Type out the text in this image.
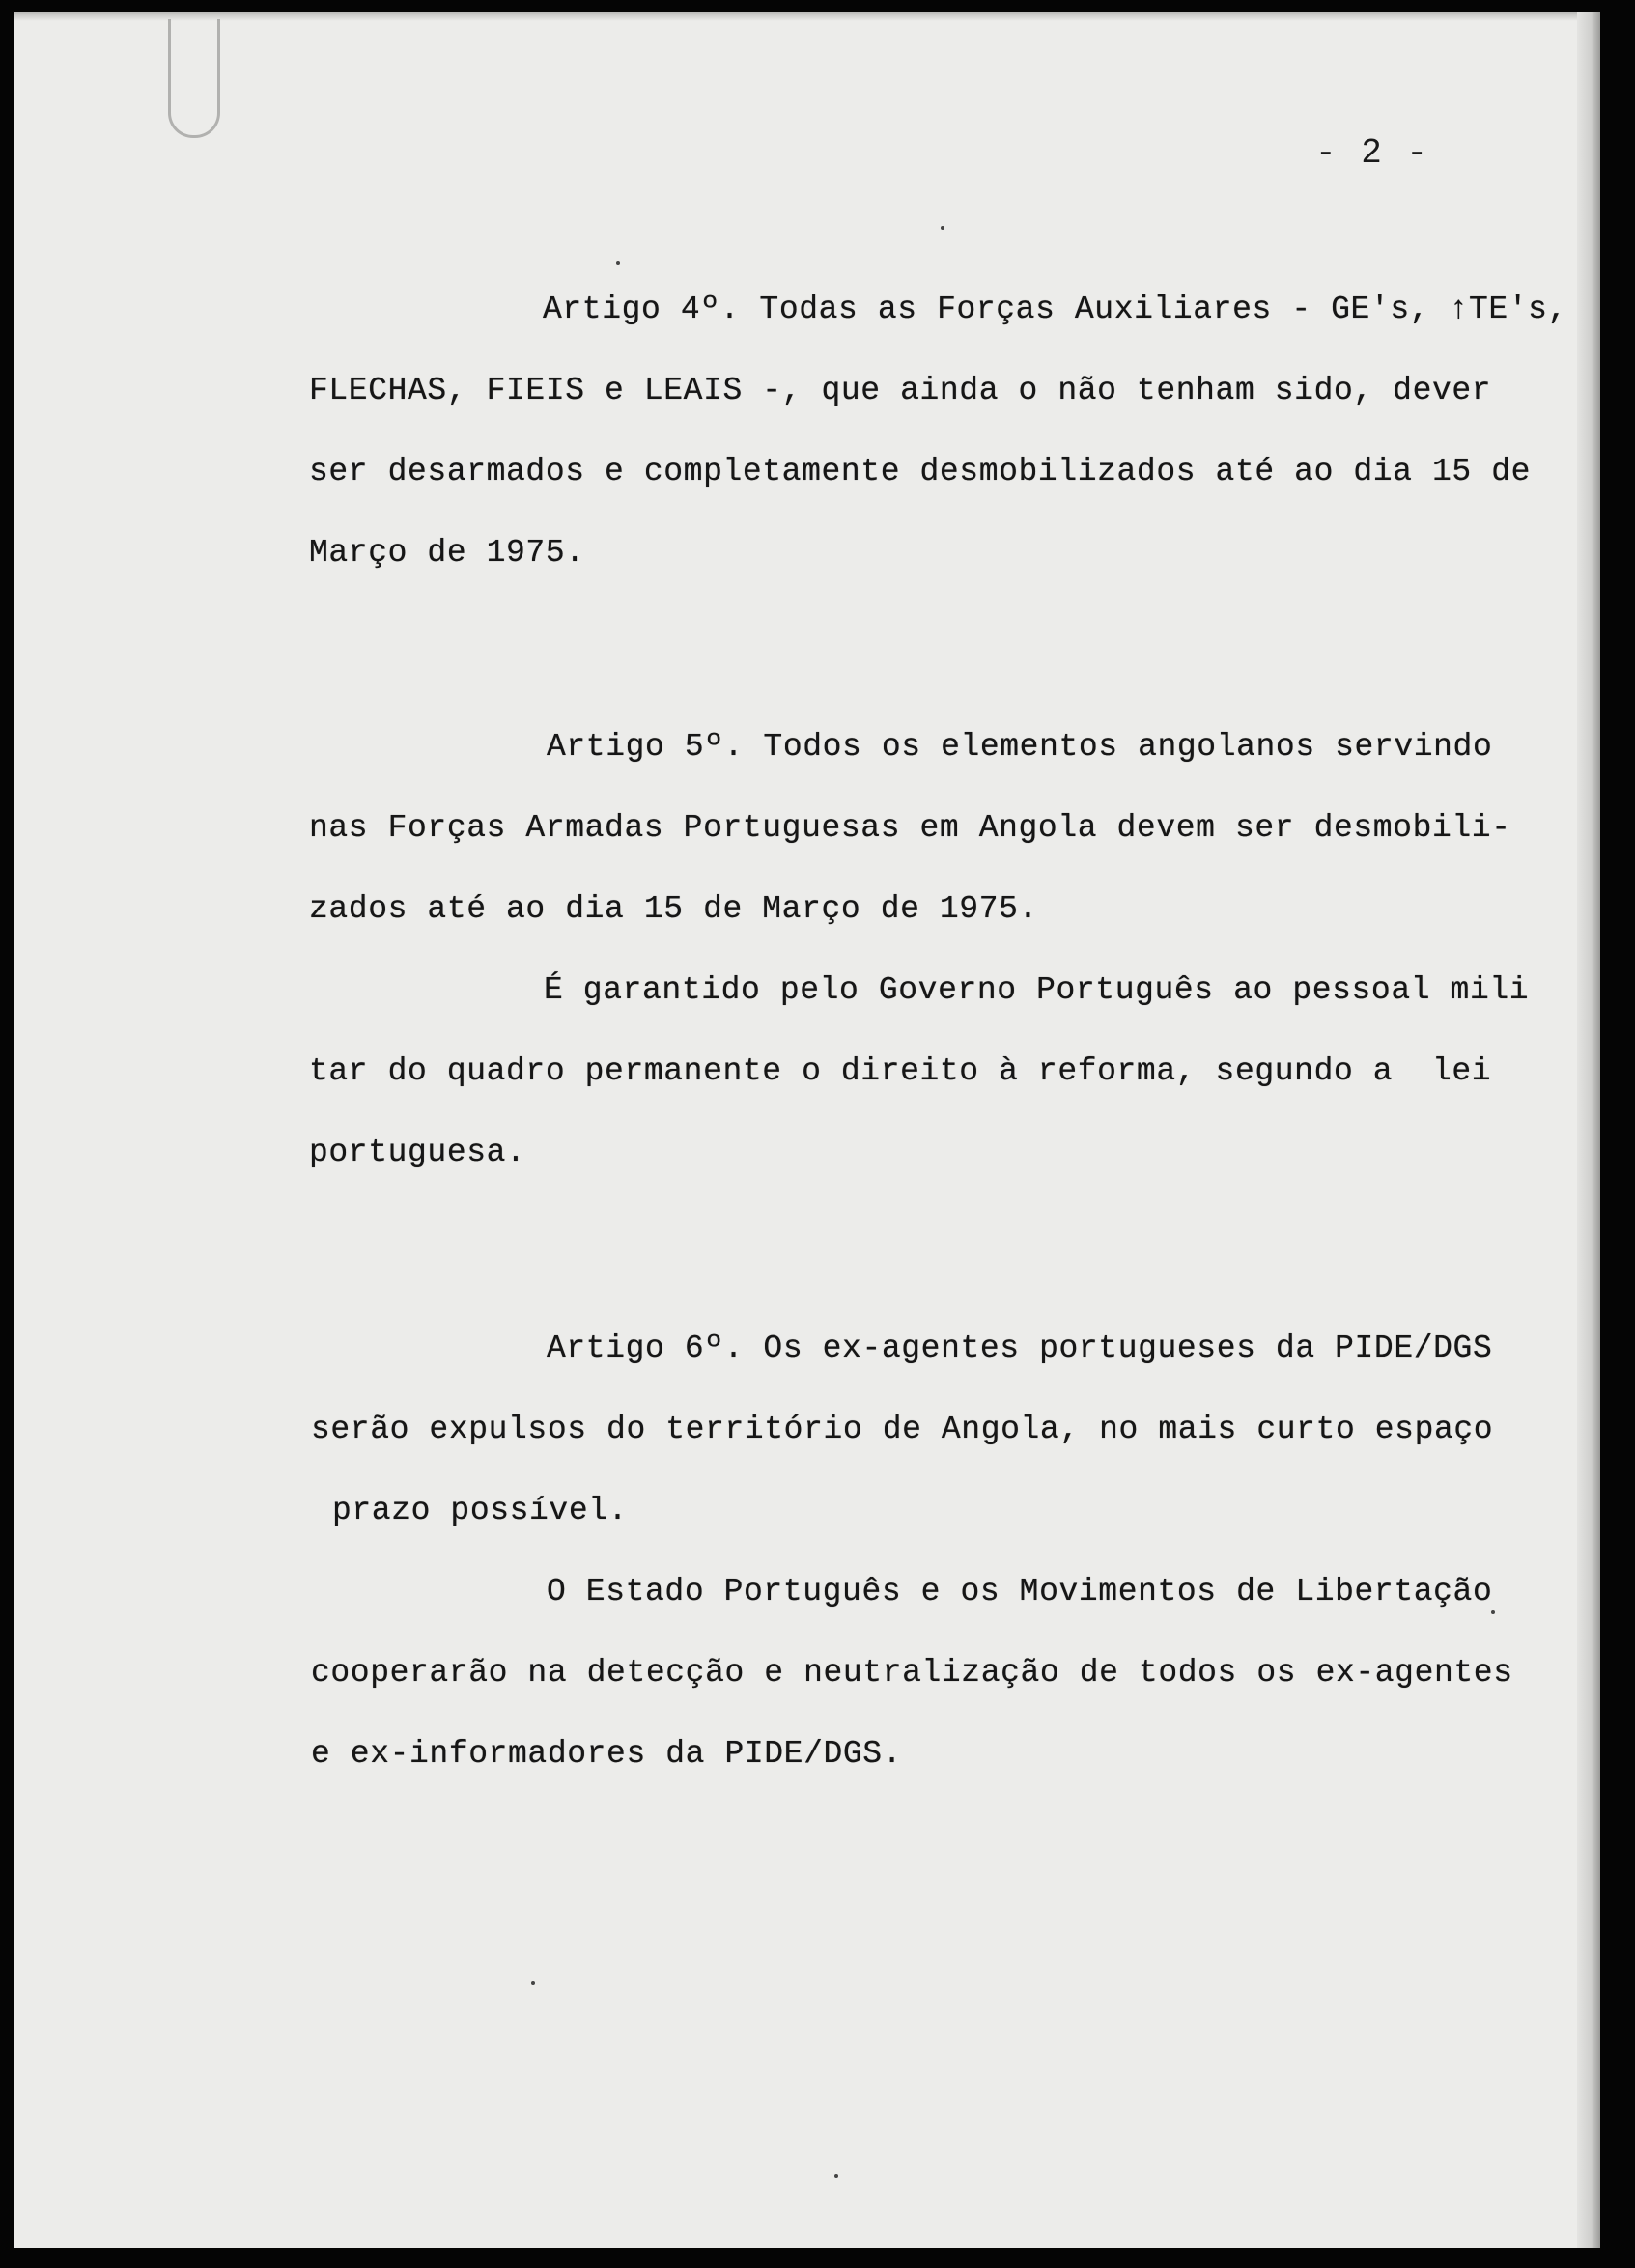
- 2 -
Artigo 4º. Todas as Forças Auxiliares - GE's, ↑TE's,
FLECHAS, FIEIS e LEAIS -, que ainda o não tenham sido, dever
ser desarmados e completamente desmobilizados até ao dia 15 de
Março de 1975.
Artigo 5º. Todos os elementos angolanos servindo
nas Forças Armadas Portuguesas em Angola devem ser desmobili-
zados até ao dia 15 de Março de 1975.
É garantido pelo Governo Português ao pessoal mili
tar do quadro permanente o direito à reforma, segundo a  lei
portuguesa.
Artigo 6º. Os ex-agentes portugueses da PIDE/DGS
serão expulsos do território de Angola, no mais curto espaço
prazo possível.
O Estado Português e os Movimentos de Libertação
cooperarão na detecção e neutralização de todos os ex-agentes
e ex-informadores da PIDE/DGS.
